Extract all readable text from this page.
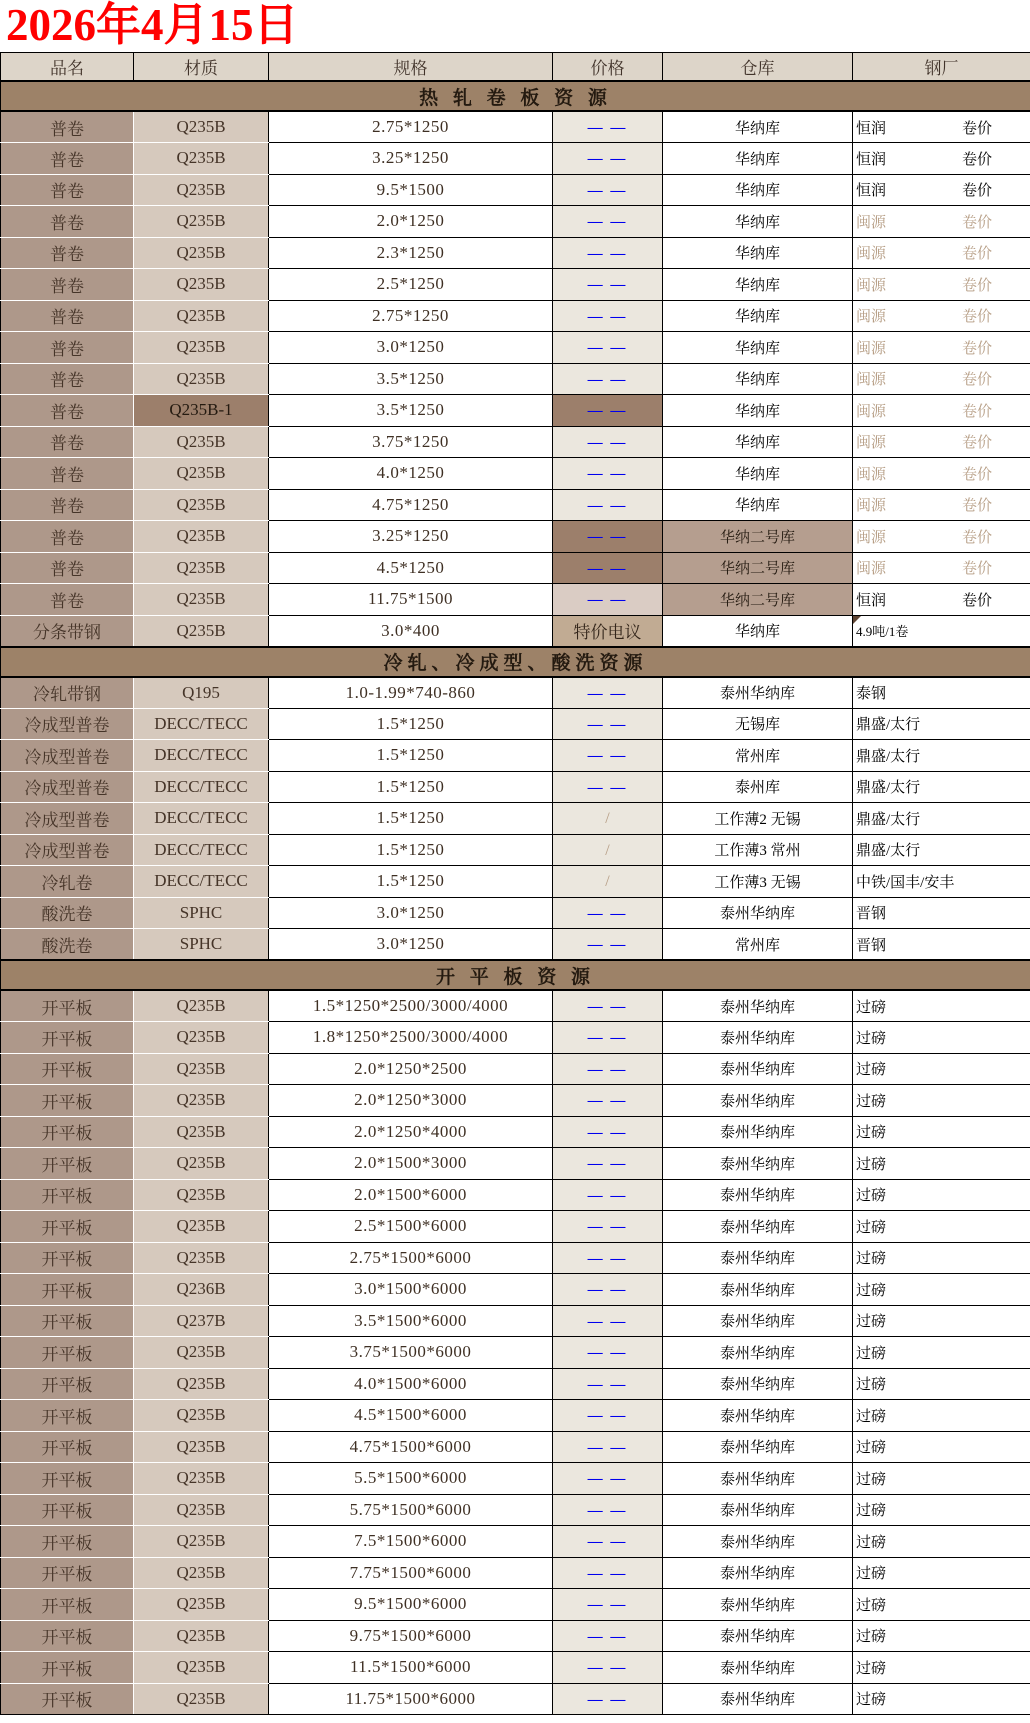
2026年4月15日
品名	材质	规格	价格	仓库	钢厂
热 轧 卷 板 资 源					
普卷	Q235B	2.75*1250	— —	华纳库	恒润 卷价
普卷	Q235B	3.25*1250	— —	华纳库	恒润 卷价
普卷	Q235B	9.5*1500	— —	华纳库	恒润 卷价
普卷	Q235B	2.0*1250	— —	华纳库	闽源 卷价
普卷	Q235B	2.3*1250	— —	华纳库	闽源 卷价
普卷	Q235B	2.5*1250	— —	华纳库	闽源 卷价
普卷	Q235B	2.75*1250	— —	华纳库	闽源 卷价
普卷	Q235B	3.0*1250	— —	华纳库	闽源 卷价
普卷	Q235B	3.5*1250	— —	华纳库	闽源 卷价
普卷	Q235B-1	3.5*1250	— —	华纳库	闽源 卷价
普卷	Q235B	3.75*1250	— —	华纳库	闽源 卷价
普卷	Q235B	4.0*1250	— —	华纳库	闽源 卷价
普卷	Q235B	4.75*1250	— —	华纳库	闽源 卷价
普卷	Q235B	3.25*1250	— —	华纳二号库	闽源 卷价
普卷	Q235B	4.5*1250	— —	华纳二号库	闽源 卷价
普卷	Q235B	11.75*1500	— —	华纳二号库	恒润 卷价
分条带钢	Q235B	3.0*400	特价电议	华纳库	4.9吨/1卷
冷轧、冷成型、酸洗资源					
冷轧带钢	Q195	1.0-1.99*740-860	— —	泰州华纳库	泰钢
冷成型普卷	DECC/TECC	1.5*1250	— —	无锡库	鼎盛/太行
冷成型普卷	DECC/TECC	1.5*1250	— —	常州库	鼎盛/太行
冷成型普卷	DECC/TECC	1.5*1250	— —	泰州库	鼎盛/太行
冷成型普卷	DECC/TECC	1.5*1250	/	工作薄2 无锡	鼎盛/太行
冷成型普卷	DECC/TECC	1.5*1250	/	工作薄3 常州	鼎盛/太行
冷轧卷	DECC/TECC	1.5*1250	/	工作薄3 无锡	中铁/国丰/安丰
酸洗卷	SPHC	3.0*1250	— —	泰州华纳库	晋钢
酸洗卷	SPHC	3.0*1250	— —	常州库	晋钢
开 平 板 资 源					
开平板	Q235B	1.5*1250*2500/3000/4000	— —	泰州华纳库	过磅
开平板	Q235B	1.8*1250*2500/3000/4000	— —	泰州华纳库	过磅
开平板	Q235B	2.0*1250*2500	— —	泰州华纳库	过磅
开平板	Q235B	2.0*1250*3000	— —	泰州华纳库	过磅
开平板	Q235B	2.0*1250*4000	— —	泰州华纳库	过磅
开平板	Q235B	2.0*1500*3000	— —	泰州华纳库	过磅
开平板	Q235B	2.0*1500*6000	— —	泰州华纳库	过磅
开平板	Q235B	2.5*1500*6000	— —	泰州华纳库	过磅
开平板	Q235B	2.75*1500*6000	— —	泰州华纳库	过磅
开平板	Q236B	3.0*1500*6000	— —	泰州华纳库	过磅
开平板	Q237B	3.5*1500*6000	— —	泰州华纳库	过磅
开平板	Q235B	3.75*1500*6000	— —	泰州华纳库	过磅
开平板	Q235B	4.0*1500*6000	— —	泰州华纳库	过磅
开平板	Q235B	4.5*1500*6000	— —	泰州华纳库	过磅
开平板	Q235B	4.75*1500*6000	— —	泰州华纳库	过磅
开平板	Q235B	5.5*1500*6000	— —	泰州华纳库	过磅
开平板	Q235B	5.75*1500*6000	— —	泰州华纳库	过磅
开平板	Q235B	7.5*1500*6000	— —	泰州华纳库	过磅
开平板	Q235B	7.75*1500*6000	— —	泰州华纳库	过磅
开平板	Q235B	9.5*1500*6000	— —	泰州华纳库	过磅
开平板	Q235B	9.75*1500*6000	— —	泰州华纳库	过磅
开平板	Q235B	11.5*1500*6000	— —	泰州华纳库	过磅
开平板	Q235B	11.75*1500*6000	— —	泰州华纳库	过磅
